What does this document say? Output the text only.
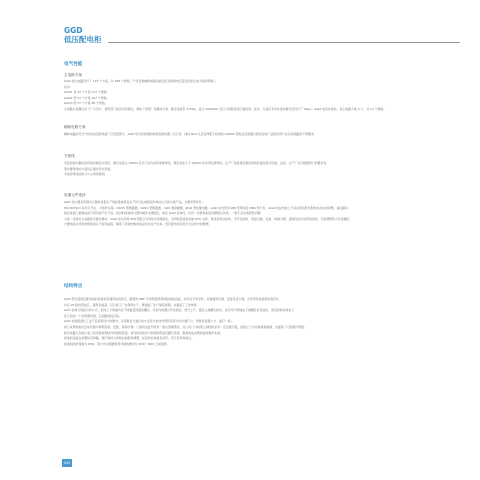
GGD
低压配电柜
电气性能
主电路方案
GGD 柜主电路设计了 129 个方案，共 298 个规格（不含变频辅助电路功能变化及控制电压变化而派生的方案和规格）。
其中：
GGD1 型 49 个方案 123 个规格；
GGD2 型 53 个方案 107 个规格；
GGD3 型 27 个方案 68 个规格。
主电路方案要证求了广大设计，使用部门的意见和建议，增加了常规厂常要的方案，额定电流至 3150A，适合 1000KVA 及以下的配电变压器选用。此外，为适应无功补偿的要求还设计了 GGJ1、GGJ2 电容补偿柜，其主电路方案 4 个，共 12 个规格。
辅助电路方案
辅助电路的设计分供电电压配电柜广泛发展部分，GGD 柜内有控制的控制及继电器二次元件，同时 NLS 以及发挥配于柜体的 LMZ2D 型电流互感器以满足发电厂站保各用户对运动线路的不同要求。
方框线
考虑到柜内框位标母括机械设计包所，额定电流在 1600A 及以下时均采用单排母线，额定电流大于 1600A 时采用双排母线。生产厂按此规定制造母线并通过型式试验，这里，生产厂也可根据用户的要求变
型布置母线的方案但应通过型式试验。
考虑到母线的能力与主母线相同。
电器元件选择
GGD 柜主要采用国内元器件质量生产的标准或具有生产许可证或经国外单位认可的合格产品。主要零部件有：
HD13/HS13 系列刀开关、刀熔开关等。DW15 型断路器，DZ20 型断路器，CJ20 型接触器，JR16 型热继电器。GGD 柜内选用 ZMJ 型母线及 MNS 型卡件，GGD 柜在结构上不存在原有低压配电柜存在的问题，重点解决
如在进柜门最通电的不同可能产生干扰。柜内的接插件以塑料模件支撑固定，如在 GGD 柜体内，仍有一些配电柜的问题相应改进。一般不会出现紧急问题。
为进一步满足主电路的可靠性要求，GGD 柜内采用 ZMJ 型组合式母线夹和绝缘夹，在母线连接处加装 PFO 边套，母线采用边结构、无开孔结构，连接可靠。安装、拆卸方便，是国内较先进母线结构，无需调整特大长短螺钉，
方便电接合或者电缆连接孔不能弯曲等，降低了柜体结构的复杂性和生产成本。低压配电柜有利于在运转中的维修。
结构特点
GGD 型交流低压配电柜的柜体采用通用柜的形式，框架用 8MF 冷弯型钢局部焊接组装而成，并设有专用导轨，柜体通用性强，安装灵活方便，且零部件按通用标准设计，
共有 20 模的安装孔，通用系数高，可以使工厂实现预生产。既缩短了生产制造周期，也提高了工作效率。
GGD 柜体分级的冷却方式，柜体上下两端均有不同数量的散热槽孔。当柜内电器元件发热时，热气上升，通过上端槽孔排出，而冷风不断地由下端槽孔补充进柜，使密封的柜体自下
而上形成一个自然通风道，达到散热的目的。
GGD 柜按照现代工业产品造型设计的要求，采用黄金分割比的方法设计柜体外型和各部分的分割尺寸，使整柜美观大方，面目一新。
柜门采用转轴式活动铰链与构架连接，安装、拆卸方便。门的折边处均嵌有一根山型橡塑条，关门时门与构架之间的嵌条有一定压缩行程，能防止门与柜体直接碰撞，也提高了门的防护等级。
装有电器元件的仪表门用多股软铜线与构架相连接，柜内的安装件与构架间用滚花螺钉连接，整柜构成完整的接地保护系统。
柜体的顶盖在需要时可拆除，便于现场主母线的装配和调整，柜顶的四角装有吊环，用于起吊和装运。
柜体的防护等级为 IP30，用户也可根据使用环境的要求在 IP20～IP40 之间选择。
043
